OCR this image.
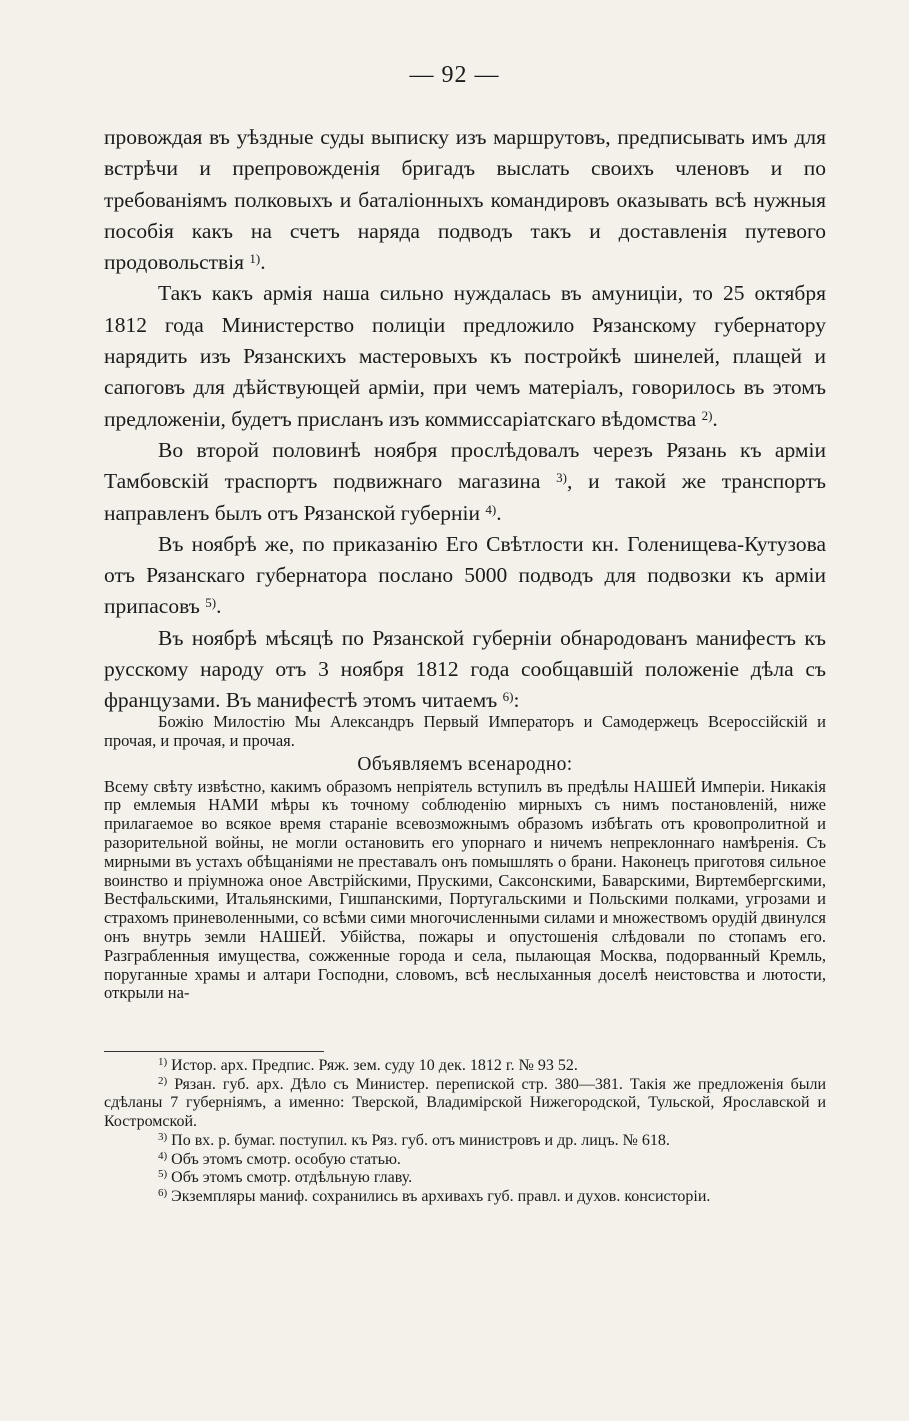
— 92 —

провождая въ уѣздные суды выписку изъ маршрутовъ, предписывать имъ для встрѣчи и препровожденія бригадъ выслать своихъ членовъ и по требованіямъ полковыхъ и баталіонныхъ командировъ оказывать всѣ нужныя пособія какъ на счетъ наряда подводъ такъ и доставленія путевого продовольствія $^{1)}$.

Такъ какъ армія наша сильно нуждалась въ амуниціи, то 25 октября 1812 года Министерство полиціи предложило Рязанскому губернатору нарядить изъ Рязанскихъ мастеровыхъ къ постройкѣ шинелей, плащей и сапоговъ для дѣйствующей арміи, при чемъ матеріалъ, говорилось въ этомъ предложеніи, будетъ присланъ изъ коммиссаріатскаго вѣдомства $^{2)}$.

Во второй половинѣ ноября прослѣдовалъ черезъ Рязань къ арміи Тамбовскій траспортъ подвижнаго магазина $^{3)}$, и такой же транспортъ направленъ былъ отъ Рязанской губерніи $^{4)}$.

Въ ноябрѣ же, по приказанію Его Свѣтлости кн. Голенищева-Кутузова отъ Рязанскаго губернатора послано 5000 подводъ для подвозки къ арміи припасовъ $^{5)}$.

Въ ноябрѣ мѣсяцѣ по Рязанской губерніи обнародованъ манифестъ къ русскому народу отъ 3 ноября 1812 года сообщавшій положеніе дѣла съ французами. Въ манифестѣ этомъ читаемъ $^{6)}$:

Божію Милостію Мы Александръ Первый Императоръ и Самодержецъ Всероссійскій и прочая, и прочая, и прочая.

Объявляемъ всенародно:

Всему свѣту извѣстно, какимъ образомъ непріятель вступилъ въ предѣлы НАШЕЙ Имперіи. Никакія пр емлемыя НАМИ мѣры къ точному соблюденію мирныхъ съ нимъ постановленій, ниже прилагаемое во всякое время стараніе всевозможнымъ образомъ избѣгать отъ кровопролитной и разорительной войны, не могли остановить его упорнаго и ничемъ непреклоннаго намѣренія. Съ мирными въ устахъ обѣщаніями не преставалъ онъ помышлять о брани. Наконецъ приготовя сильное воинство и пріумножа оное Австрійскими, Прускими, Саксонскими, Баварскими, Виртембергскими, Вестфальскими, Итальянскими, Гишпанскими, Португальскими и Польскими полками, угрозами и страхомъ приневоленными, со всѣми сими многочисленными силами и множествомъ орудій двинулся онъ внутрь земли НАШЕЙ. Убійства, пожары и опустошенія слѣдовали по стопамъ его. Разграбленныя имущества, сожженные города и села, пылающая Москва, подорванный Кремль, поруганные храмы и алтари Господни, словомъ, всѣ неслыханныя доселѣ неистовства и лютости, открыли на-

$^{1)}$ Истор. арх. Предпис. Ряж. зем. суду 10 дек. 1812 г. № 93 52.

$^{2)}$ Рязан. губ. арх. Дѣло съ Министер. перепиской стр. 380—381. Такія же предложенія были сдѣланы 7 губерніямъ, а именно: Тверской, Владимірской Нижегородской, Тульской, Ярославской и Костромской.

$^{3)}$ По вх. р. бумаг. поступил. къ Ряз. губ. отъ министровъ и др. лицъ. № 618.

$^{4)}$ Объ этомъ смотр. особую статью.

$^{5)}$ Объ этомъ смотр. отдѣльную главу.

$^{6)}$ Экземпляры маниф. сохранились въ архивахъ губ. правл. и духов. консисторіи.
